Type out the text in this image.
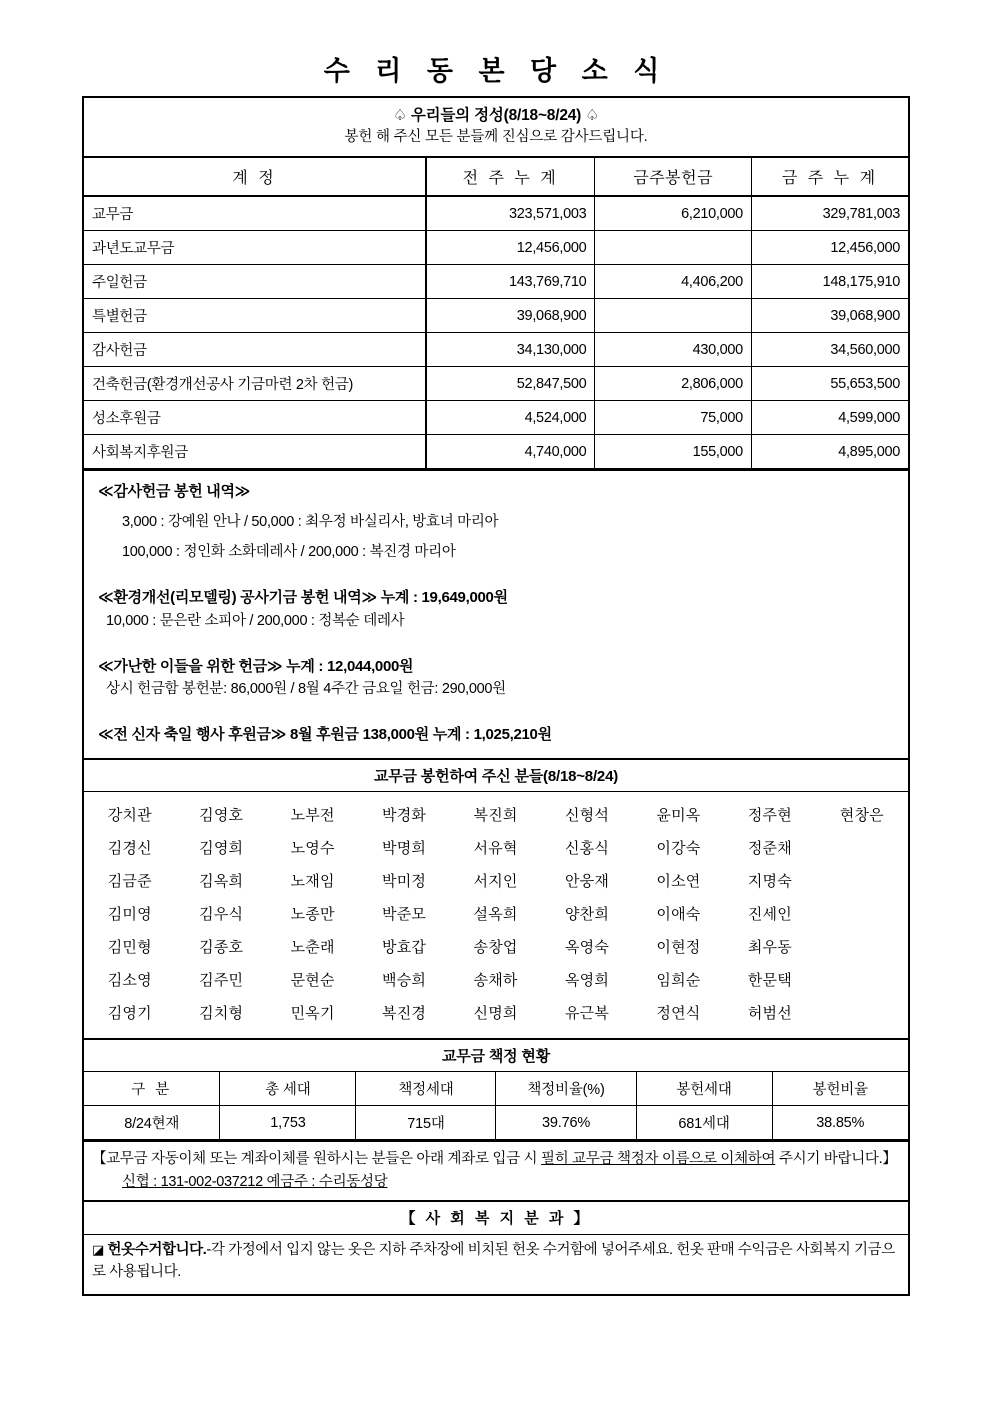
수 리 동 본 당 소 식
♤ 우리들의 정성(8/18~8/24) ♤
봉헌 해 주신 모든 분들께 진심으로 감사드립니다.
계 정	전 주 누 계	금주봉헌금	금 주 누 계
교무금	323,571,003	6,210,000	329,781,003
과년도교무금	12,456,000		12,456,000
주일헌금	143,769,710	4,406,200	148,175,910
특별헌금	39,068,900		39,068,900
감사헌금	34,130,000	430,000	34,560,000
건축헌금(환경개선공사 기금마련 2차 헌금)	52,847,500	2,806,000	55,653,500
성소후원금	4,524,000	75,000	4,599,000
사회복지후원금	4,740,000	155,000	4,895,000
≪감사헌금 봉헌 내역≫
3,000 : 강예원 안나 / 50,000 : 최우정 바실리사, 방효녀 마리아
100,000 : 정인화 소화데레사 / 200,000 : 복진경 마리아
≪환경개선(리모델링) 공사기금 봉헌 내역≫ 누계 : 19,649,000원
10,000 : 문은란 소피아 / 200,000 : 정복순 데레사
≪가난한 이들을 위한 헌금≫ 누계 : 12,044,000원
상시 헌금함 봉헌분: 86,000원 / 8월 4주간 금요일 헌금: 290,000원
≪전 신자 축일 행사 후원금≫ 8월 후원금 138,000원 누계 : 1,025,210원
교무금 봉헌하여 주신 분들(8/18~8/24)
강치관	김영호	노부전	박경화	복진희	신형석	윤미옥	정주현	현창은
김경신	김영희	노영수	박명희	서유혁	신홍식	이강숙	정준채	
김금준	김옥희	노재임	박미정	서지인	안웅재	이소연	지명숙	
김미영	김우식	노종만	박준모	설옥희	양찬희	이애숙	진세인	
김민형	김종호	노춘래	방효갑	송창업	옥영숙	이현정	최우동	
김소영	김주민	문현순	백승희	송채하	옥영희	임희순	한문택	
김영기	김치형	민옥기	복진경	신명희	유근복	정연식	허범선	
교무금 책정 현황
구 분	총 세대	책정세대	책정비율(%)	봉헌세대	봉헌비율
8/24현재	1,753	715대	39.76%	681세대	38.85%
【교무금 자동이체 또는 계좌이체를 원하시는 분들은 아래 계좌로 입금 시 필히 교무금 책정자 이름으로 이체하여 주시기 바랍니다.】신협 : 131-002-037212 예금주 : 수리동성당
【 사 회 복 지 분 과 】
◪ 헌옷수거합니다.-각 가정에서 입지 않는 옷은 지하 주차장에 비치된 헌옷 수거함에 넣어주세요. 헌옷 판매 수익금은 사회복지 기금으로 사용됩니다.
